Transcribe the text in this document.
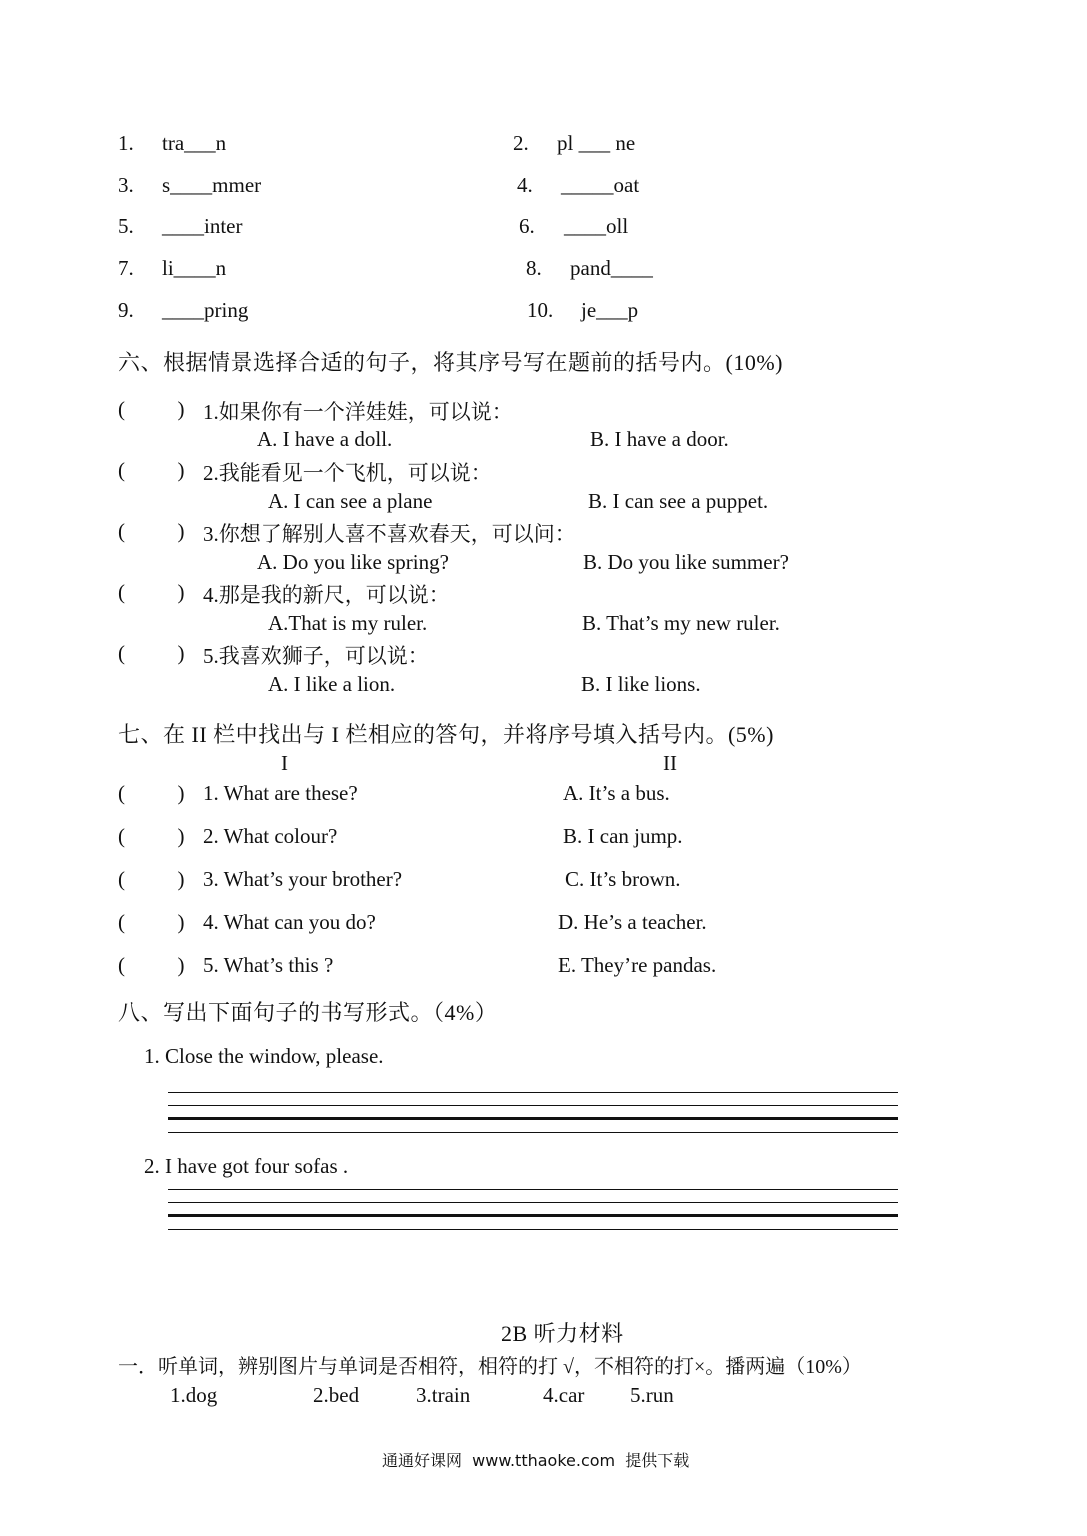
1. tra___n	2. pl ___ ne
3. s____mmer	4. _____oat
5. ____inter	6. ____oll
7. li____n	8. pand____
9. ____pring	10. je___p
六、根据情景选择合适的句子，将其序号写在题前的括号内。(10%)
(          ) 1.如果你有一个洋娃娃，可以说：
A. I have a doll.	B. I have a door.
(          ) 2.我能看见一个飞机，可以说：
A. I can see a plane	B. I can see a puppet.
(          ) 3.你想了解别人喜不喜欢春天，可以问：
A. Do you like spring?	B. Do you like summer?
(          ) 4.那是我的新尺，可以说：
A.That is my ruler.	B. That’s my new ruler.
(          ) 5.我喜欢狮子，可以说：
A. I like a lion.	B. I like lions.
七、在 II 栏中找出与 I 栏相应的答句，并将序号填入括号内。(5%)
I	II
(          ) 1. What are these?	A. It’s a bus.
(          ) 2. What colour?	B. I can jump.
(          ) 3. What’s your brother?	C. It’s brown.
(          ) 4. What can you do?	D. He’s a teacher.
(          ) 5. What’s this ?	E. They’re pandas.
八、写出下面句子的书写形式。（4%）
1. Close the window, please.
2. I have got four sofas .
2B 听力材料
一．听单词，辨别图片与单词是否相符，相符的打 √，不相符的打×。播两遍（10%）
1.dog	2.bed	3.train	4.car 5.run
通通好课网  www.tthaoke.com  提供下载
